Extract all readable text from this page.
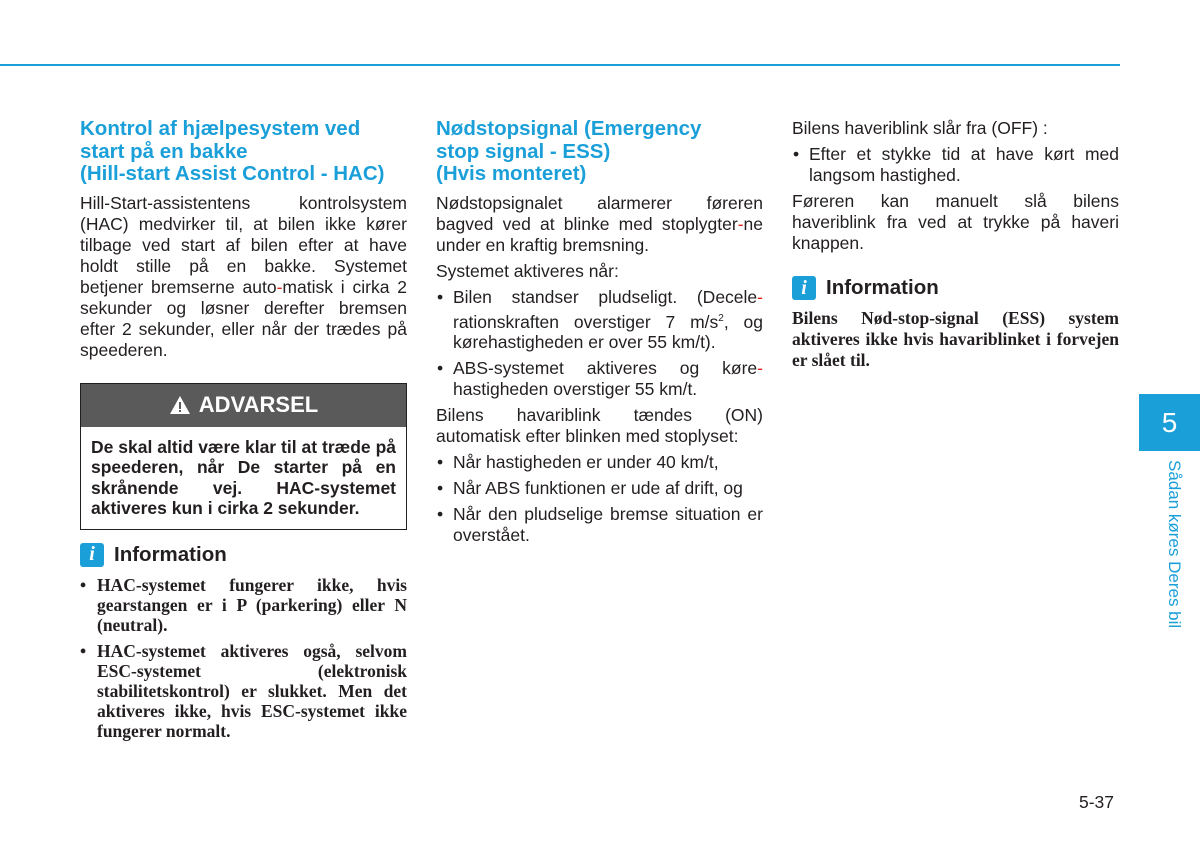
Kontrol af hjælpesystem ved
start på en bakke
(Hill-start Assist Control - HAC)

Hill-Start-assistentens kontrolsystem (HAC) medvirker til, at bilen ikke kører tilbage ved start af bilen efter at have holdt stille på en bakke. Systemet betjener bremserne auto-matisk i cirka 2 sekunder og løsner derefter bremsen efter 2 sekunder, eller når der trædes på speederen.

ADVARSEL
De skal altid være klar til at træde på speederen, når De starter på en skrånende vej. HAC-systemet aktiveres kun i cirka 2 sekunder.
i Information
• HAC-systemet fungerer ikke, hvis gearstangen er i P (parkering) eller N (neutral).
• HAC-systemet aktiveres også, selvom ESC-systemet (elektronisk stabilitetskontrol) er slukket. Men det aktiveres ikke, hvis ESC-systemet ikke fungerer normalt.
Nødstopsignal (Emergency
stop signal - ESS)
(Hvis monteret)

Nødstopsignalet alarmerer føreren bagved ved at blinke med stoplygter-ne under en kraftig bremsning.

Systemet aktiveres når:

• Bilen standser pludseligt. (Decele-rationskraften overstiger 7 $m/s^2$, og kørehastigheden er over 55 km/t).
• ABS-systemet aktiveres og køre-hastigheden overstiger 55 km/t.

Bilens havariblink tændes (ON) automatisk efter blinken med stoplyset:

• Når hastigheden er under 40 km/t,
• Når ABS funktionen er ude af drift, og
• Når den pludselige bremse situation er overstået.

Bilens haveriblink slår fra (OFF) :

• Efter et stykke tid at have kørt med langsom hastighed.

Føreren kan manuelt slå bilens haveriblink fra ved at trykke på haveri knappen.

i Information

Bilens Nød-stop-signal (ESS) system aktiveres ikke hvis havariblinket i forvejen er slået til.

5
Sådan køres Deres bil
5-37
